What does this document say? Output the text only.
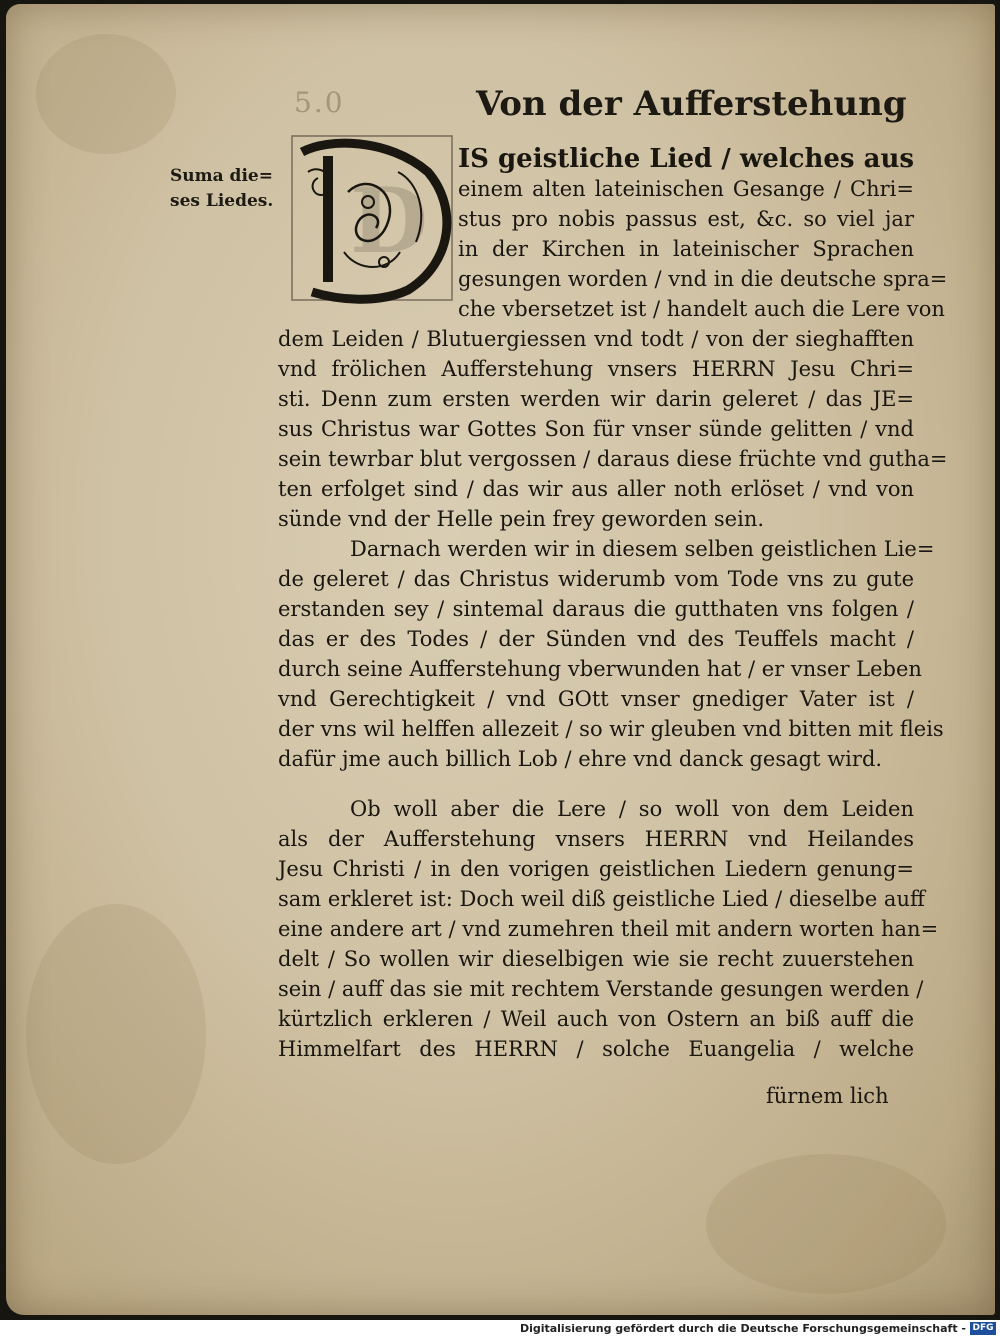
5.0	Von der Aufferstehung
Suma die=
ses Liedes. D
IS geistliche Lied / welches aus
einem alten lateinischen Gesange / Chri=
stus pro nobis passus est, &c. so viel jar
in der Kirchen in lateinischer Sprachen
gesungen worden / vnd in die deutsche spra=
che vbersetzet ist / handelt auch die Lere von
dem Leiden / Blutuergiessen vnd todt / von der sieghafften
vnd frölichen Aufferstehung vnsers HERRN Jesu Chri=
sti. Denn zum ersten werden wir darin geleret / das JE=
sus Christus war Gottes Son für vnser sünde gelitten / vnd
sein tewrbar blut vergossen / daraus diese früchte vnd gutha=
ten erfolget sind / das wir aus aller noth erlöset / vnd von
sünde vnd der Helle pein frey geworden sein.
Darnach werden wir in diesem selben geistlichen Lie=
de geleret / das Christus widerumb vom Tode vns zu gute
erstanden sey / sintemal daraus die gutthaten vns folgen /
das er des Todes / der Sünden vnd des Teuffels macht /
durch seine Aufferstehung vberwunden hat / er vnser Leben
vnd Gerechtigkeit / vnd GOtt vnser gnediger Vater ist /
der vns wil helffen allezeit / so wir gleuben vnd bitten mit fleis
dafür jme auch billich Lob / ehre vnd danck gesagt wird.
Ob woll aber die Lere / so woll von dem Leiden
als der Aufferstehung vnsers HERRN vnd Heilandes
Jesu Christi / in den vorigen geistlichen Liedern genung=
sam erkleret ist: Doch weil diß geistliche Lied / dieselbe auff
eine andere art / vnd zumehren theil mit andern worten han=
delt / So wollen wir dieselbigen wie sie recht zuuerstehen
sein / auff das sie mit rechtem Verstande gesungen werden /
kürtzlich erkleren / Weil auch von Ostern an biß auff die
Himmelfart des HERRN / solche Euangelia / welche
fürnem lich
Digitalisierung gefördert durch die Deutsche Forschungsgemeinschaft - DFG
